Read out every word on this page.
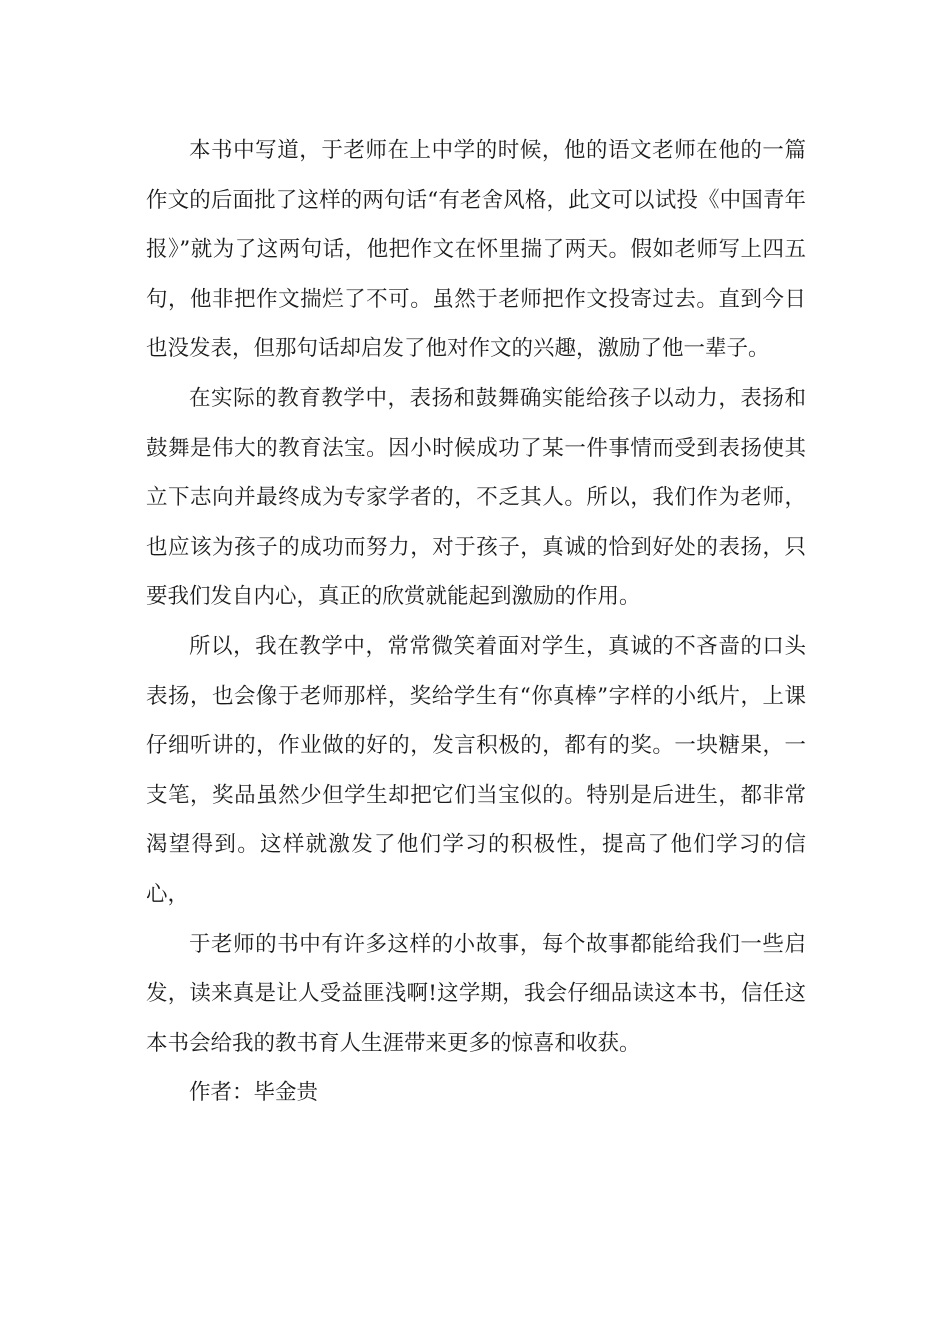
本书中写道，于老师在上中学的时候，他的语文老师在他的一篇作文的后面批了这样的两句话“有老舍风格，此文可以试投《中国青年报》”就为了这两句话，他把作文在怀里揣了两天。假如老师写上四五句，他非把作文揣烂了不可。虽然于老师把作文投寄过去。直到今日也没发表，但那句话却启发了他对作文的兴趣，激励了他一辈子。

在实际的教育教学中，表扬和鼓舞确实能给孩子以动力，表扬和鼓舞是伟大的教育法宝。因小时候成功了某一件事情而受到表扬使其立下志向并最终成为专家学者的，不乏其人。所以，我们作为老师，也应该为孩子的成功而努力，对于孩子，真诚的恰到好处的表扬，只要我们发自内心，真正的欣赏就能起到激励的作用。

所以，我在教学中，常常微笑着面对学生，真诚的不吝啬的口头表扬，也会像于老师那样，奖给学生有“你真棒”字样的小纸片，上课仔细听讲的，作业做的好的，发言积极的，都有的奖。一块糖果，一支笔，奖品虽然少但学生却把它们当宝似的。特别是后进生，都非常渴望得到。这样就激发了他们学习的积极性，提高了他们学习的信心，

于老师的书中有许多这样的小故事，每个故事都能给我们一些启发，读来真是让人受益匪浅啊!这学期，我会仔细品读这本书，信任这本书会给我的教书育人生涯带来更多的惊喜和收获。

作者：毕金贵
